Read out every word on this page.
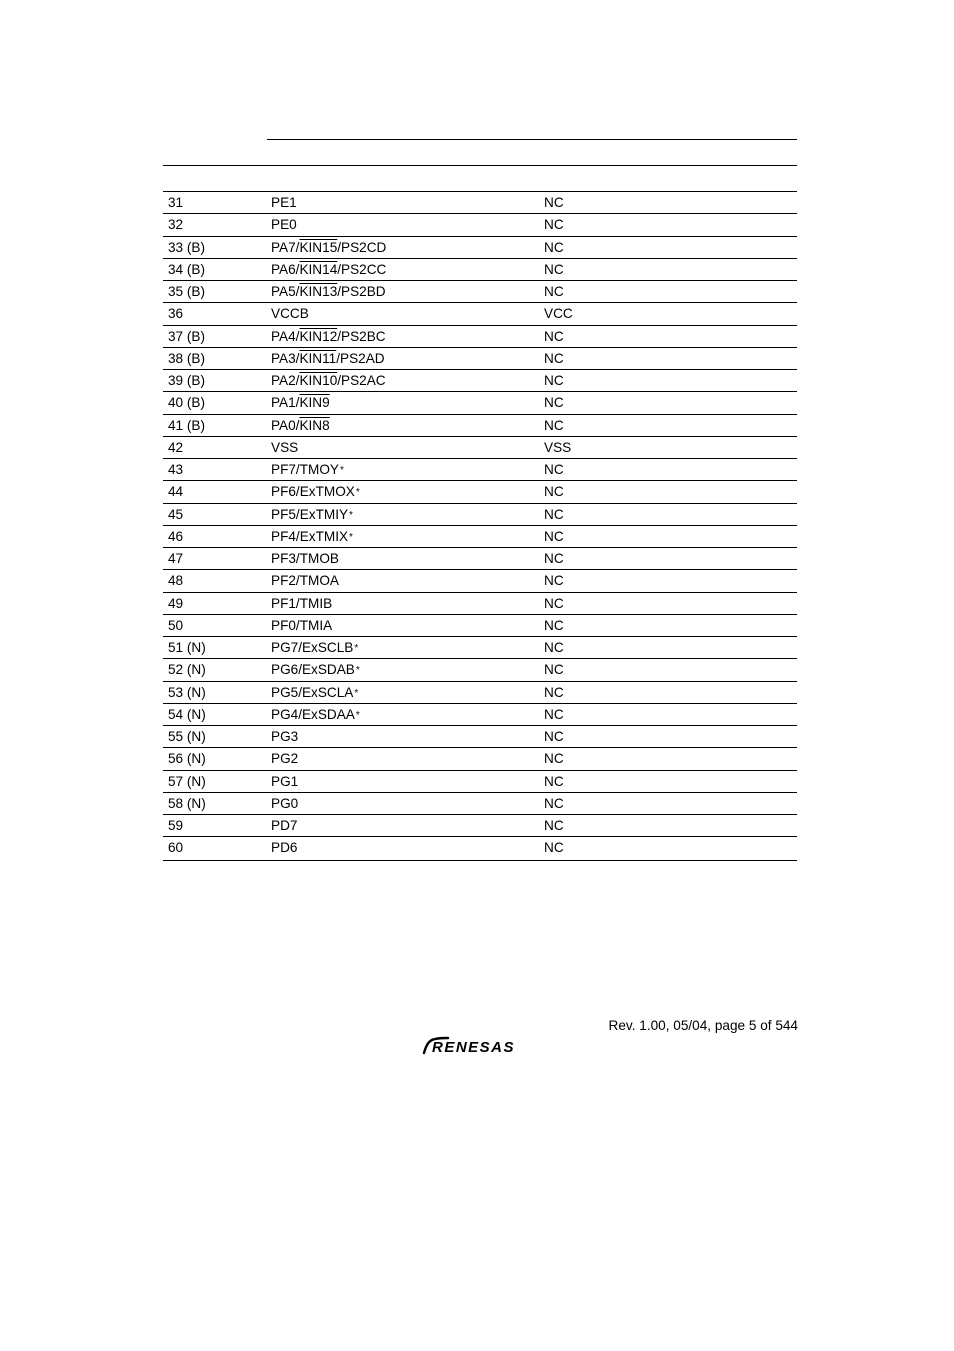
31	PE1	NC
32	PE0	NC
33 (B)	PA7/KIN15/PS2CD	NC
34 (B)	PA6/KIN14/PS2CC	NC
35 (B)	PA5/KIN13/PS2BD	NC
36	VCCB	VCC
37 (B)	PA4/KIN12/PS2BC	NC
38 (B)	PA3/KIN11/PS2AD	NC
39 (B)	PA2/KIN10/PS2AC	NC
40 (B)	PA1/KIN9	NC
41 (B)	PA0/KIN8	NC
42	VSS	VSS
43	PF7/TMOY*	NC
44	PF6/ExTMOX*	NC
45	PF5/ExTMIY*	NC
46	PF4/ExTMIX*	NC
47	PF3/TMOB	NC
48	PF2/TMOA	NC
49	PF1/TMIB	NC
50	PF0/TMIA	NC
51 (N)	PG7/ExSCLB*	NC
52 (N)	PG6/ExSDAB*	NC
53 (N)	PG5/ExSCLA*	NC
54 (N)	PG4/ExSDAA*	NC
55 (N)	PG3	NC
56 (N)	PG2	NC
57 (N)	PG1	NC
58 (N)	PG0	NC
59	PD7	NC
60	PD6	NC
Rev. 1.00, 05/04, page 5 of 544
RENESAS
